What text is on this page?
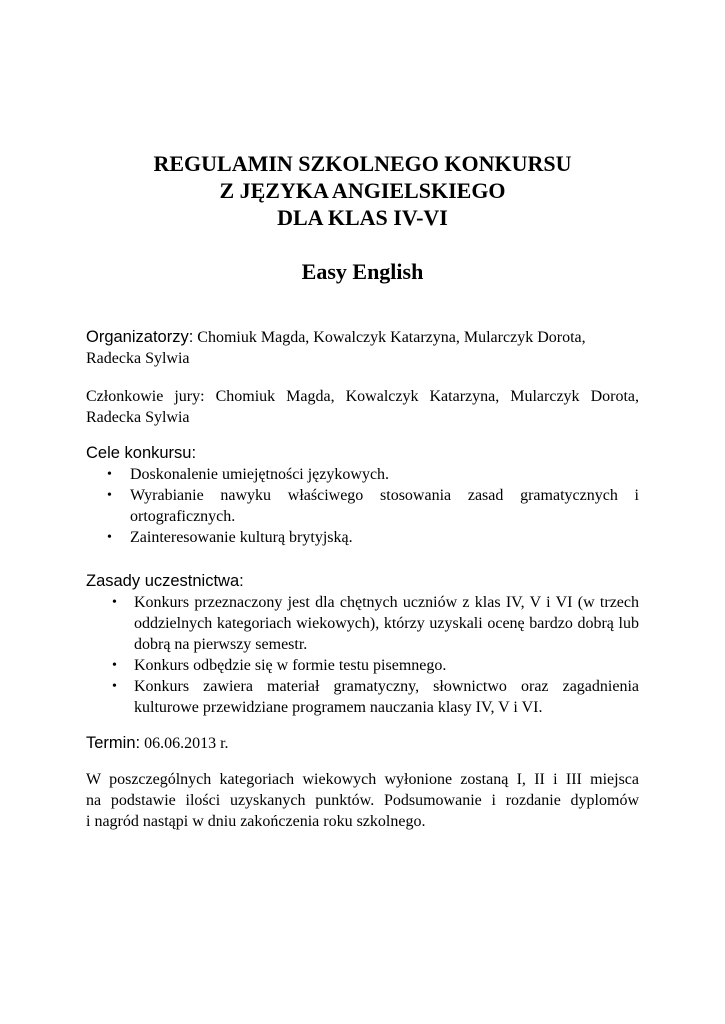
REGULAMIN SZKOLNEGO KONKURSU
Z JĘZYKA ANGIELSKIEGO
DLA KLAS IV-VI
Easy English
Organizatorzy: Chomiuk Magda, Kowalczyk Katarzyna, Mularczyk Dorota,
Radecka Sylwia
Członkowie jury: Chomiuk Magda, Kowalczyk Katarzyna, Mularczyk Dorota, Radecka Sylwia
Cele konkursu:
• Doskonalenie umiejętności językowych.
• Wyrabianie nawyku właściwego stosowania zasad gramatycznych i ortograficznych.
• Zainteresowanie kulturą brytyjską.
Zasady uczestnictwa:
• Konkurs przeznaczony jest dla chętnych uczniów z klas IV, V i VI (w trzech oddzielnych kategoriach wiekowych), którzy uzyskali ocenę bardzo dobrą lub dobrą na pierwszy semestr.
• Konkurs odbędzie się w formie testu pisemnego.
• Konkurs zawiera materiał gramatyczny, słownictwo oraz zagadnienia kulturowe przewidziane programem nauczania klasy IV, V i VI.
Termin: 06.06.2013 r.
W poszczególnych kategoriach wiekowych wyłonione zostaną I, II i III miejsca
na podstawie ilości uzyskanych punktów. Podsumowanie i rozdanie dyplomów
i nagród nastąpi w dniu zakończenia roku szkolnego.
